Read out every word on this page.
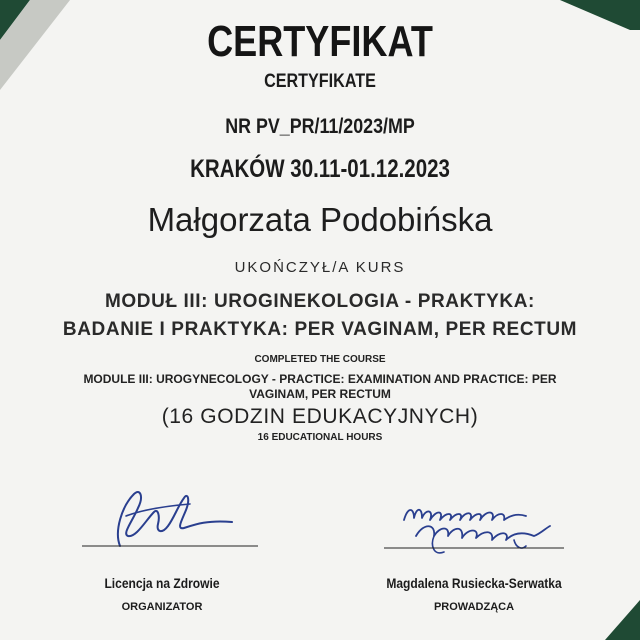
CERTYFIKAT
CERTYFIKATE
NR PV_PR/11/2023/MP
KRAKÓW 30.11-01.12.2023
Małgorzata Podobińska
UKOŃCZYŁ/A KURS
MODUŁ III: UROGINEKOLOGIA - PRAKTYKA:
BADANIE I PRAKTYKA: PER VAGINAM, PER RECTUM
COMPLETED THE COURSE
MODULE III: UROGYNECOLOGY - PRACTICE: EXAMINATION AND PRACTICE: PER
VAGINAM, PER RECTUM
(16 GODZIN EDUKACYJNYCH)
16 EDUCATIONAL HOURS
Licencja na Zdrowie
ORGANIZATOR
Magdalena Rusiecka-Serwatka
PROWADZĄCA
